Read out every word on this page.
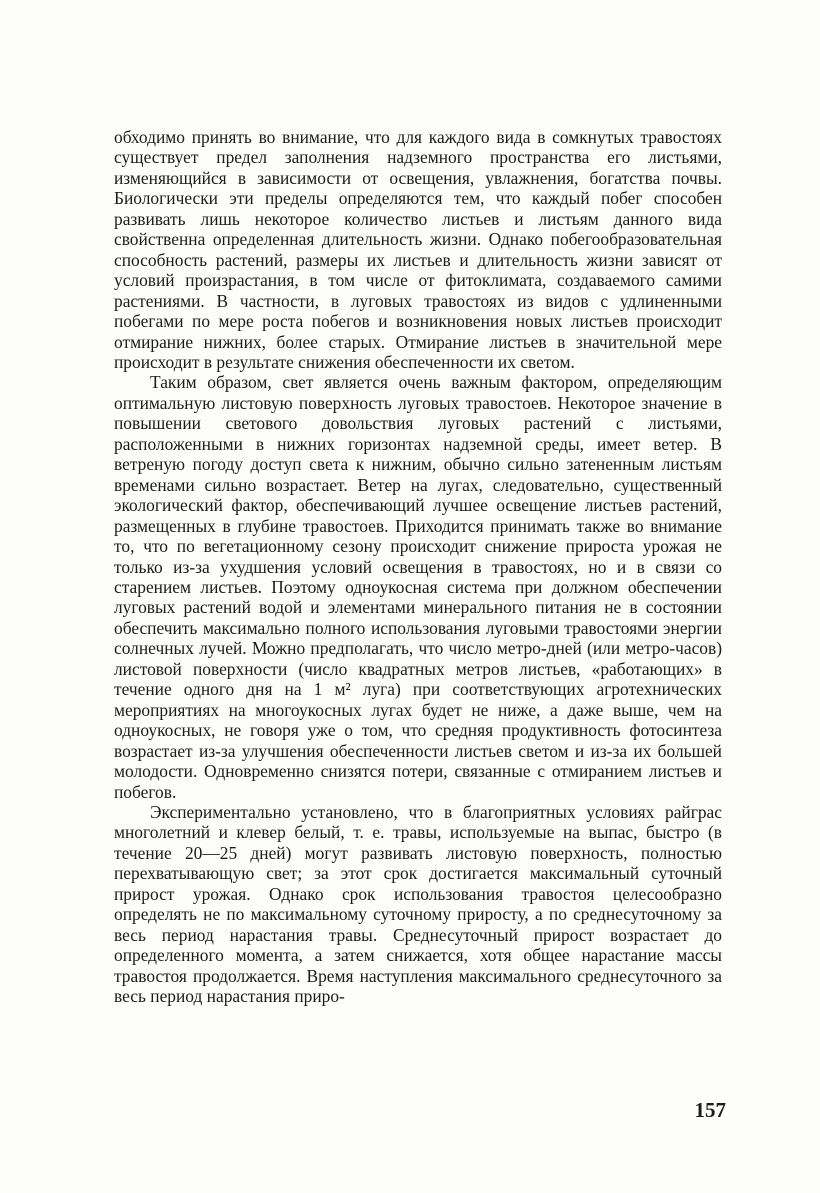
обходимо принять во внимание, что для каждого вида в сомкнутых травостоях существует предел заполнения надземного пространства его листьями, изменяющийся в зависимости от освещения, увлажнения, богатства почвы. Биологически эти пределы определяются тем, что каждый побег способен развивать лишь некоторое количество листьев и листьям данного вида свойственна определенная длительность жизни. Однако побегообразовательная способность растений, размеры их листьев и длительность жизни зависят от условий произрастания, в том числе от фитоклимата, создаваемого самими растениями. В частности, в луговых травостоях из видов с удлиненными побегами по мере роста побегов и возникновения новых листьев происходит отмирание нижних, более старых. Отмирание листьев в значительной мере происходит в результате снижения обеспеченности их светом.

Таким образом, свет является очень важным фактором, определяющим оптимальную листовую поверхность луговых травостоев. Некоторое значение в повышении светового довольствия луговых растений с листьями, расположенными в нижних горизонтах надземной среды, имеет ветер. В ветреную погоду доступ света к нижним, обычно сильно затененным листьям временами сильно возрастает. Ветер на лугах, следовательно, существенный экологический фактор, обеспечивающий лучшее освещение листьев растений, размещенных в глубине травостоев. Приходится принимать также во внимание то, что по вегетационному сезону происходит снижение прироста урожая не только из-за ухудшения условий освещения в травостоях, но и в связи со старением листьев. Поэтому одноукосная система при должном обеспечении луговых растений водой и элементами минерального питания не в состоянии обеспечить максимально полного использования луговыми травостоями энергии солнечных лучей. Можно предполагать, что число метро-дней (или метро-часов) листовой поверхности (число квадратных метров листьев, «работающих» в течение одного дня на 1 м² луга) при соответствующих агротехнических мероприятиях на многоукосных лугах будет не ниже, а даже выше, чем на одноукосных, не говоря уже о том, что средняя продуктивность фотосинтеза возрастает из-за улучшения обеспеченности листьев светом и из-за их большей молодости. Одновременно снизятся потери, связанные с отмиранием листьев и побегов.

Экспериментально установлено, что в благоприятных условиях райграс многолетний и клевер белый, т. е. травы, используемые на выпас, быстро (в течение 20—25 дней) могут развивать листовую поверхность, полностью перехватывающую свет; за этот срок достигается максимальный суточный прирост урожая. Однако срок использования травостоя целесообразно определять не по максимальному суточному приросту, а по среднесуточному за весь период нарастания травы. Среднесуточный прирост возрастает до определенного момента, а затем снижается, хотя общее нарастание массы травостоя продолжается. Время наступления максимального среднесуточного за весь период нарастания приро-

157
